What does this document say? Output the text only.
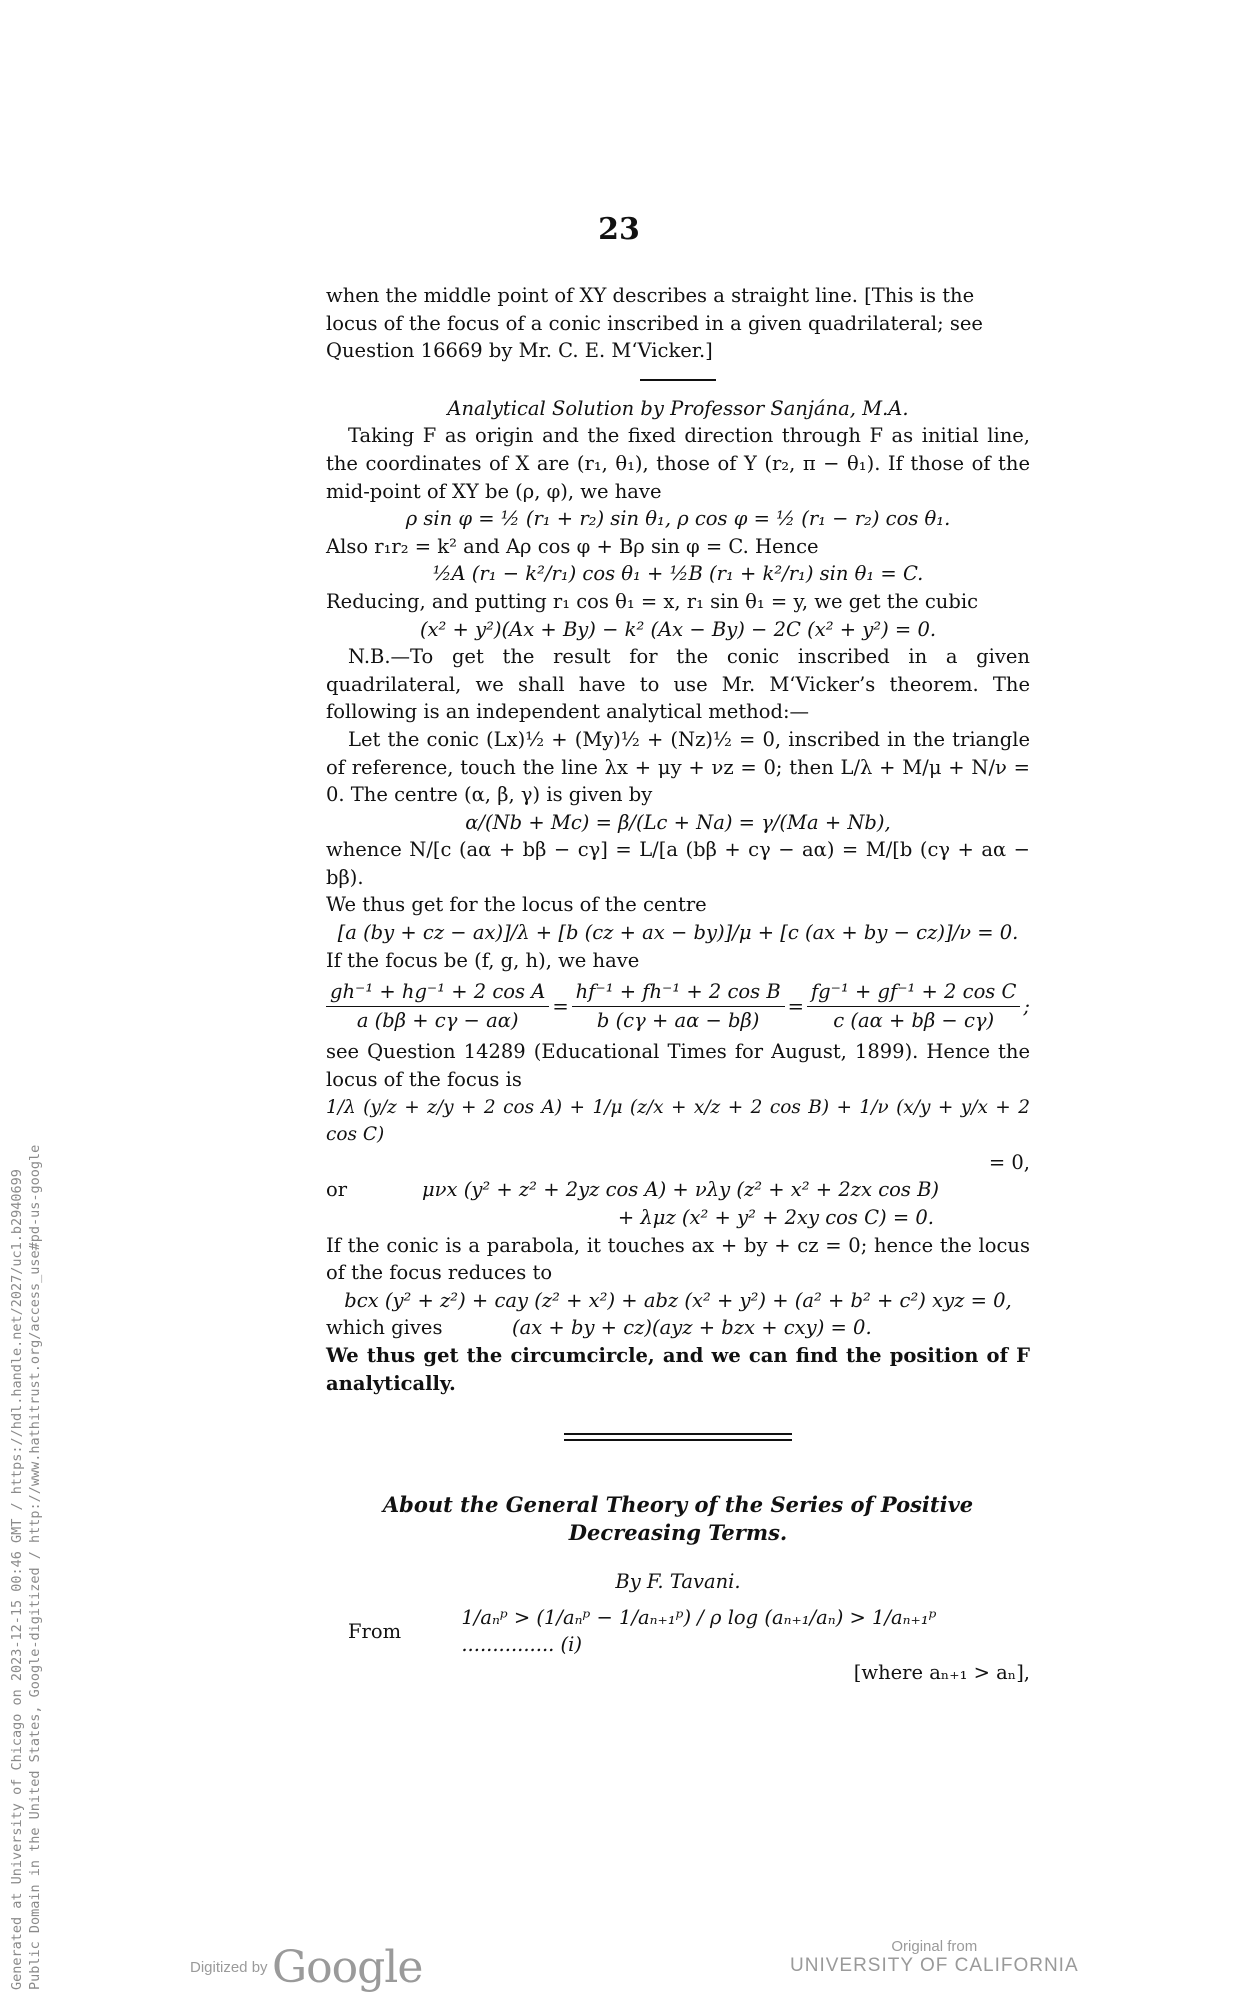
23

when the middle point of XY describes a straight line. [This is the

locus of the focus of a conic inscribed in a given quadrilateral; see

Question 16669 by Mr. C. E. M‘Vicker.]

Analytical Solution by Professor Sanjána, M.A.

Taking F as origin and the fixed direction through F as initial line, the coordinates of X are (r₁, θ₁), those of Y (r₂, π − θ₁). If those of the mid-point of XY be (ρ, φ), we have

ρ sin φ = ½ (r₁ + r₂) sin θ₁, ρ cos φ = ½ (r₁ − r₂) cos θ₁.

Also r₁r₂ = k² and Aρ cos φ + Bρ sin φ = C. Hence

½A (r₁ − k²/r₁) cos θ₁ + ½B (r₁ + k²/r₁) sin θ₁ = C.

Reducing, and putting r₁ cos θ₁ = x, r₁ sin θ₁ = y, we get the cubic

(x² + y²)(Ax + By) − k² (Ax − By) − 2C (x² + y²) = 0.

N.B.—To get the result for the conic inscribed in a given quadrilateral, we shall have to use Mr. M‘Vicker’s theorem. The following is an independent analytical method:—

Let the conic (Lx)½ + (My)½ + (Nz)½ = 0, inscribed in the triangle of reference, touch the line λx + μy + νz = 0; then L/λ + M/μ + N/ν = 0. The centre (α, β, γ) is given by

α/(Nb + Mc) = β/(Lc + Na) = γ/(Ma + Nb),

whence N/[c (aα + bβ − cγ] = L/[a (bβ + cγ − aα) = M/[b (cγ + aα − bβ).

We thus get for the locus of the centre

[a (by + cz − ax)]/λ + [b (cz + ax − by)]/μ + [c (ax + by − cz)]/ν = 0.

If the focus be (f, g, h), we have

$\frac{\text{gh⁻¹ + hg⁻¹ + 2 cos A}}{a (b\beta + c\gamma - a\alpha)} = \frac{\text{hf⁻¹ + fh⁻¹ + 2 cos B}}{b (c\gamma + a\alpha - b\beta)} = \frac{\text{fg⁻¹ + gf⁻¹ + 2 cos C}}{c (a\alpha + b\beta - c\gamma)}$ ;

see Question 14289 (Educational Times for August, 1899). Hence the locus of the focus is

1/λ (y/z + z/y + 2 cos A) + 1/μ (z/x + x/z + 2 cos B) + 1/ν (x/y + y/x + 2 cos C)

= 0,

or	μνx (y² + z² + 2yz cos A) + νλy (z² + x² + 2zx cos B)

+ λμz (x² + y² + 2xy cos C) = 0.

If the conic is a parabola, it touches ax + by + cz = 0; hence the locus of the focus reduces to

bcx (y² + z²) + cay (z² + x²) + abz (x² + y²) + (a² + b² + c²) xyz = 0,

which gives	(ax + by + cz)(ayz + bzx + cxy) = 0.

We thus get the circumcircle, and we can find the position of F analytically.

About the General Theory of the Series of Positive Decreasing Terms.

By F. Tavani.

From
1/aₙᵖ > (1/aₙᵖ − 1/aₙ₊₁ᵖ) / ρ log (aₙ₊₁/aₙ) > 1/aₙ₊₁ᵖ ............... (i)

[where aₙ₊₁ > aₙ],

Generated at University of Chicago on 2023-12-15 00:46 GMT / https://hdl.handle.net/2027/uc1.b2940699 Public Domain in the United States, Google-digitized / http://www.hathitrust.org/access_use#pd-us-google	Digitized by Google	Original from
UNIVERSITY OF CALIFORNIA
